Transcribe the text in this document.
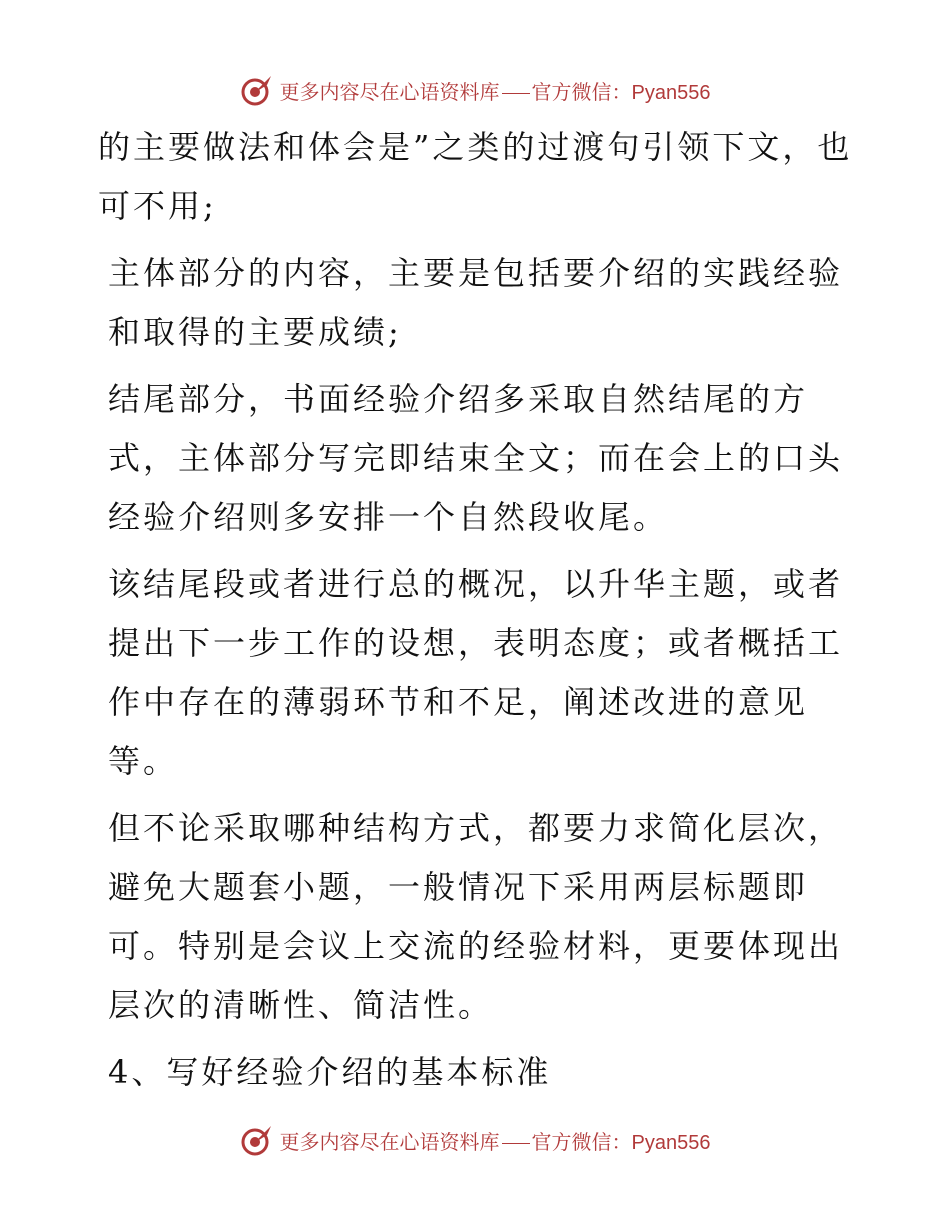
更多内容尽在心语资料库 官方微信：Pyan556

的主要做法和体会是”之类的过渡句引领下文，也可不用;

主体部分的内容，主要是包括要介绍的实践经验和取得的主要成绩;

结尾部分，书面经验介绍多采取自然结尾的方式，主体部分写完即结束全文；而在会上的口头经验介绍则多安排一个自然段收尾。

该结尾段或者进行总的概况，以升华主题，或者提出下一步工作的设想，表明态度；或者概括工作中存在的薄弱环节和不足，阐述改进的意见等。

但不论采取哪种结构方式，都要力求简化层次，避免大题套小题，一般情况下采用两层标题即可。特别是会议上交流的经验材料，更要体现出层次的清晰性、简洁性。

4、写好经验介绍的基本标准

更多内容尽在心语资料库 官方微信：Pyan556
